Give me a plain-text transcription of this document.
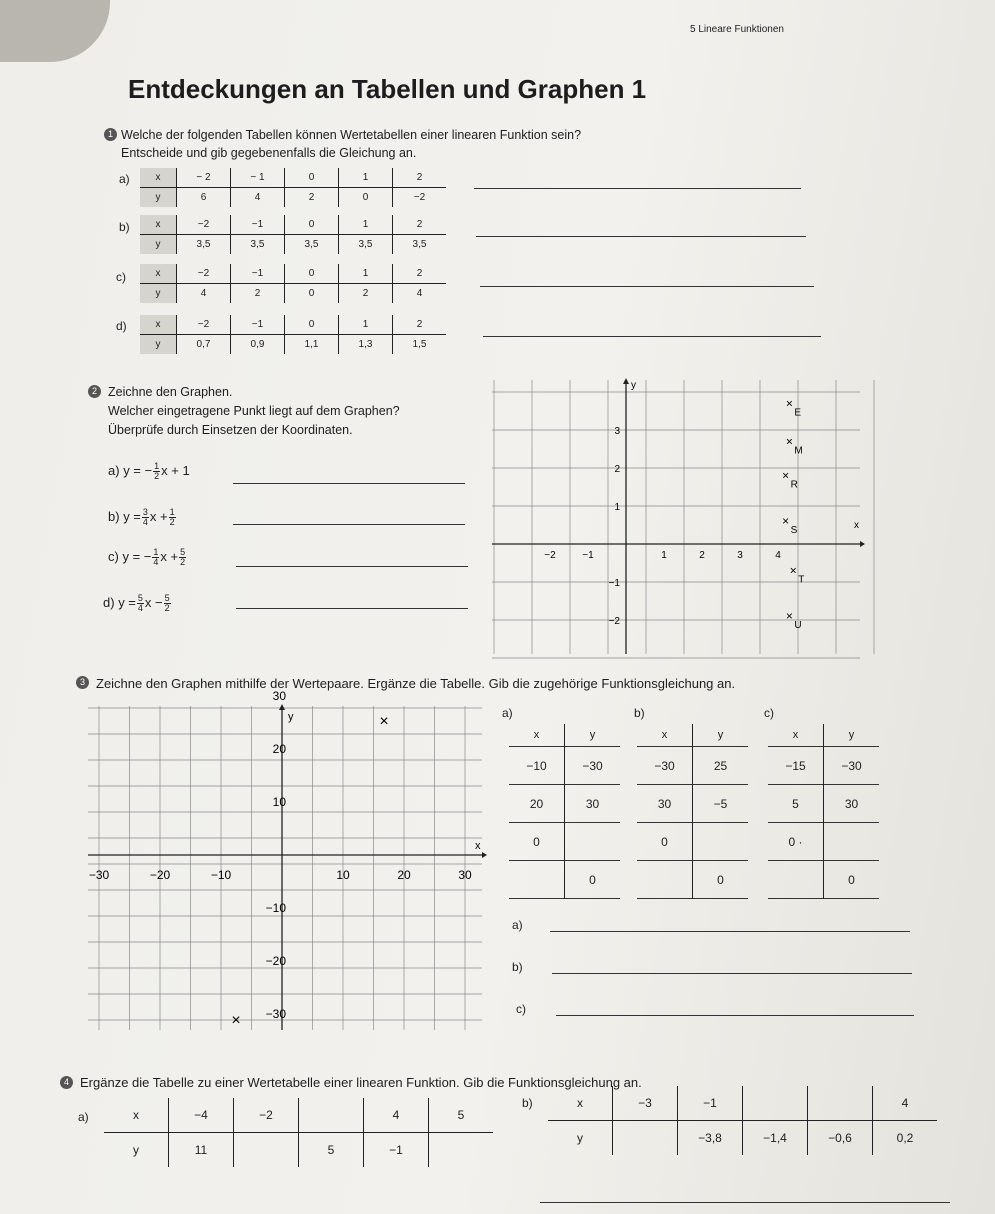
5 Lineare Funktionen
Entdeckungen an Tabellen und Graphen 1
1 Welche der folgenden Tabellen können Wertetabellen einer linearen Funktion sein?
Entscheide und gib gegebenenfalls die Gleichung an.
a)	x	− 2	− 1	0	1	2
y	6	4	2	0	−2
b)	x	−2	−1	0	1	2
y	3,5	3,5	3,5	3,5	3,5
c)	x	−2	−1	0	1	2
y	4	2	0	2	4
d)	x	−2	−1	0	1	2
y	0,7	0,9	1,1	1,3	1,5
2 Zeichne den Graphen.
Welcher eingetragene Punkt liegt auf dem Graphen?
Überprüfe durch Einsetzen der Koordinaten.
a) y = − $\frac{1}{2}$ x + 1
b) $y = \frac{3}{4}$ $x + \frac{1}{2}$
c) y = − $\frac{1}{4}$ $x + \frac{5}{2}$
d) $y = \frac{5}{4}$ $x - \frac{5}{2}$
x
y
−2	−1	1	2	3	4
3
2
1
−1
−2
×
E
×
M
×
R
×
S
×
T
×
U
3 Zeichne den Graphen mithilfe der Wertepaare. Ergänze die Tabelle. Gib die zugehörige Funktionsgleichung an.
x
y
−30	−20	−10	10	20	30
30
20
10
−10
−20
−30
×
×
a)
x	y
−10	−30
20	30
0	
	0
b)
x	y
−30	25
30	−5
0	
	0
c)
x	y
−15	−30
5	30
0 ·	
	0
a)
b)
c)
4 Ergänze die Tabelle zu einer Wertetabelle einer linearen Funktion. Gib die Funktionsgleichung an.
a)	x	−4	−2		4	5
y	11		5	−1	
b)	x	−3	−1			4
y		−3,8	−1,4	−0,6	0,2
